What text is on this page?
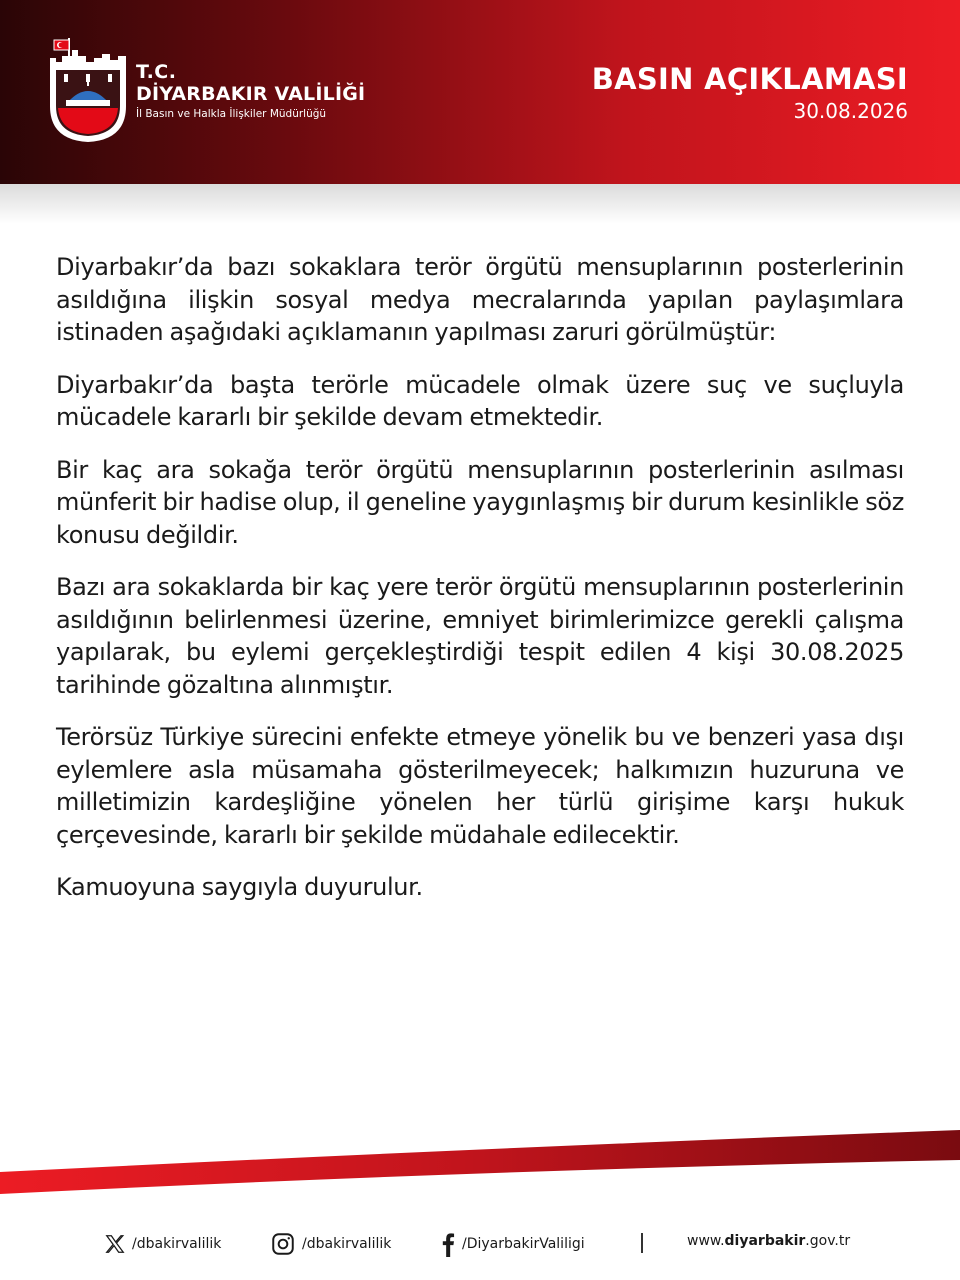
T.C.
DİYARBAKIR VALİLİĞİ
İl Basın ve Halkla İlişkiler Müdürlüğü
BASIN AÇIKLAMASI
30.08.2026

Diyarbakır’da bazı sokaklara terör örgütü mensuplarının posterlerinin asıldığına ilişkin sosyal medya mecralarında yapılan paylaşımlara istinaden aşağıdaki açıklamanın yapılması zaruri görülmüştür:

Diyarbakır’da başta terörle mücadele olmak üzere suç ve suçluyla mücadele kararlı bir şekilde devam etmektedir.

Bir kaç ara sokağa terör örgütü mensuplarının posterlerinin asılması münferit bir hadise olup, il geneline yaygınlaşmış bir durum kesinlikle söz konusu değildir.

Bazı ara sokaklarda bir kaç yere terör örgütü mensuplarının posterlerinin asıldığının belirlenmesi üzerine, emniyet birimlerimizce gerekli çalışma yapılarak, bu eylemi gerçekleştirdiği tespit edilen 4 kişi 30.08.2025 tarihinde gözaltına alınmıştır.

Terörsüz Türkiye sürecini enfekte etmeye yönelik bu ve benzeri yasa dışı eylemlere asla müsamaha gösterilmeyecek; halkımızın huzuruna ve milletimizin kardeşliğine yönelen her türlü girişime karşı hukuk çerçevesinde, kararlı bir şekilde müdahale edilecektir.

Kamuoyuna saygıyla duyurulur.

/dbakirvalilik	/dbakirvalilik	/DiyarbakirValiligi	www.diyarbakir.gov.tr
